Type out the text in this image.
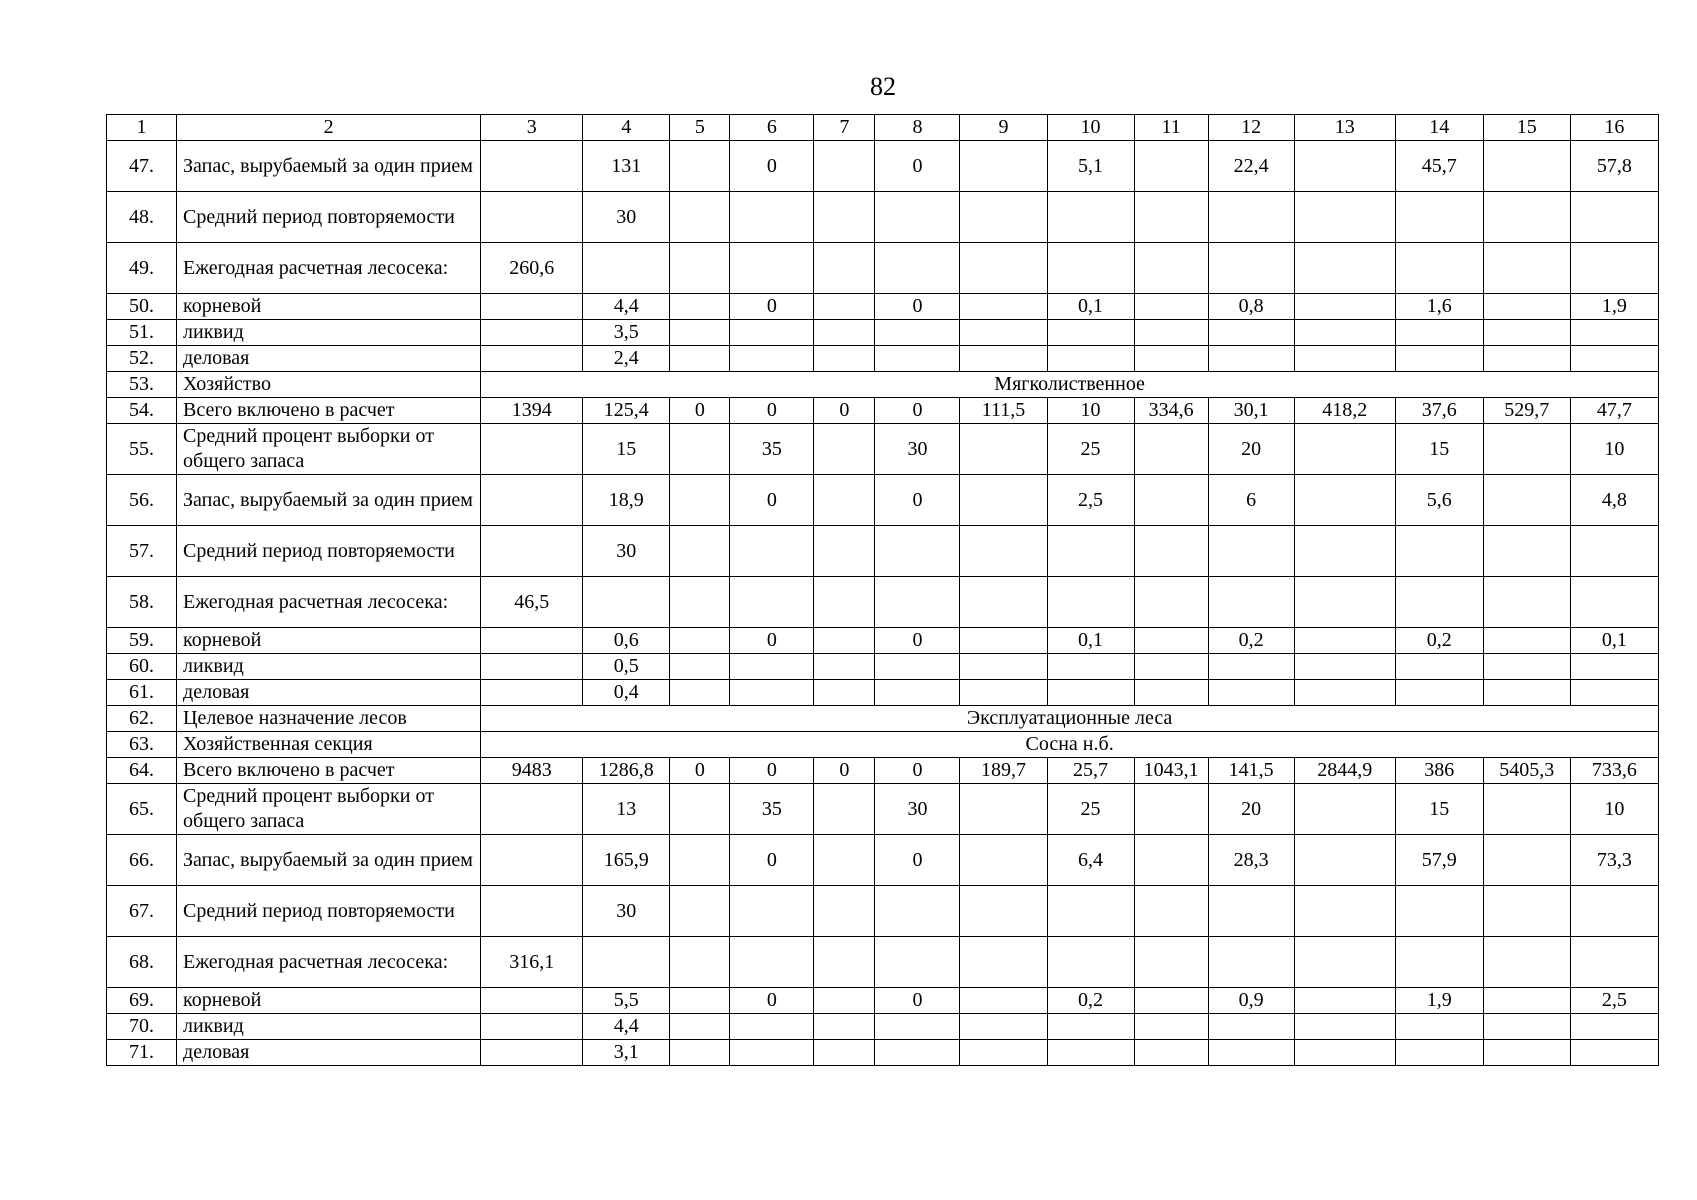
82
1	2	3	4	5	6	7	8	9	10	11	12	13	14	15	16
47.	Запас, вырубаемый за один прием		131		0		0		5,1		22,4		45,7		57,8
48.	Средний период повторяемости		30												
49.	Ежегодная расчетная лесосека:	260,6													
50.	корневой		4,4		0		0		0,1		0,8		1,6		1,9
51.	ликвид		3,5												
52.	деловая		2,4												
53.	Хозяйство	Мягколиственное													
54.	Всего включено в расчет	1394	125,4	0	0	0	0	111,5	10	334,6	30,1	418,2	37,6	529,7	47,7
55.	Средний процент выборки от общего запаса		15		35		30		25		20		15		10
56.	Запас, вырубаемый за один прием		18,9		0		0		2,5		6		5,6		4,8
57.	Средний период повторяемости		30												
58.	Ежегодная расчетная лесосека:	46,5													
59.	корневой		0,6		0		0		0,1		0,2		0,2		0,1
60.	ликвид		0,5												
61.	деловая		0,4												
62.	Целевое назначение лесов	Эксплуатационные леса													
63.	Хозяйственная секция	Сосна н.б.													
64.	Всего включено в расчет	9483	1286,8	0	0	0	0	189,7	25,7	1043,1	141,5	2844,9	386	5405,3	733,6
65.	Средний процент выборки от общего запаса		13		35		30		25		20		15		10
66.	Запас, вырубаемый за один прием		165,9		0		0		6,4		28,3		57,9		73,3
67.	Средний период повторяемости		30												
68.	Ежегодная расчетная лесосека:	316,1													
69.	корневой		5,5		0		0		0,2		0,9		1,9		2,5
70.	ликвид		4,4												
71.	деловая		3,1												
